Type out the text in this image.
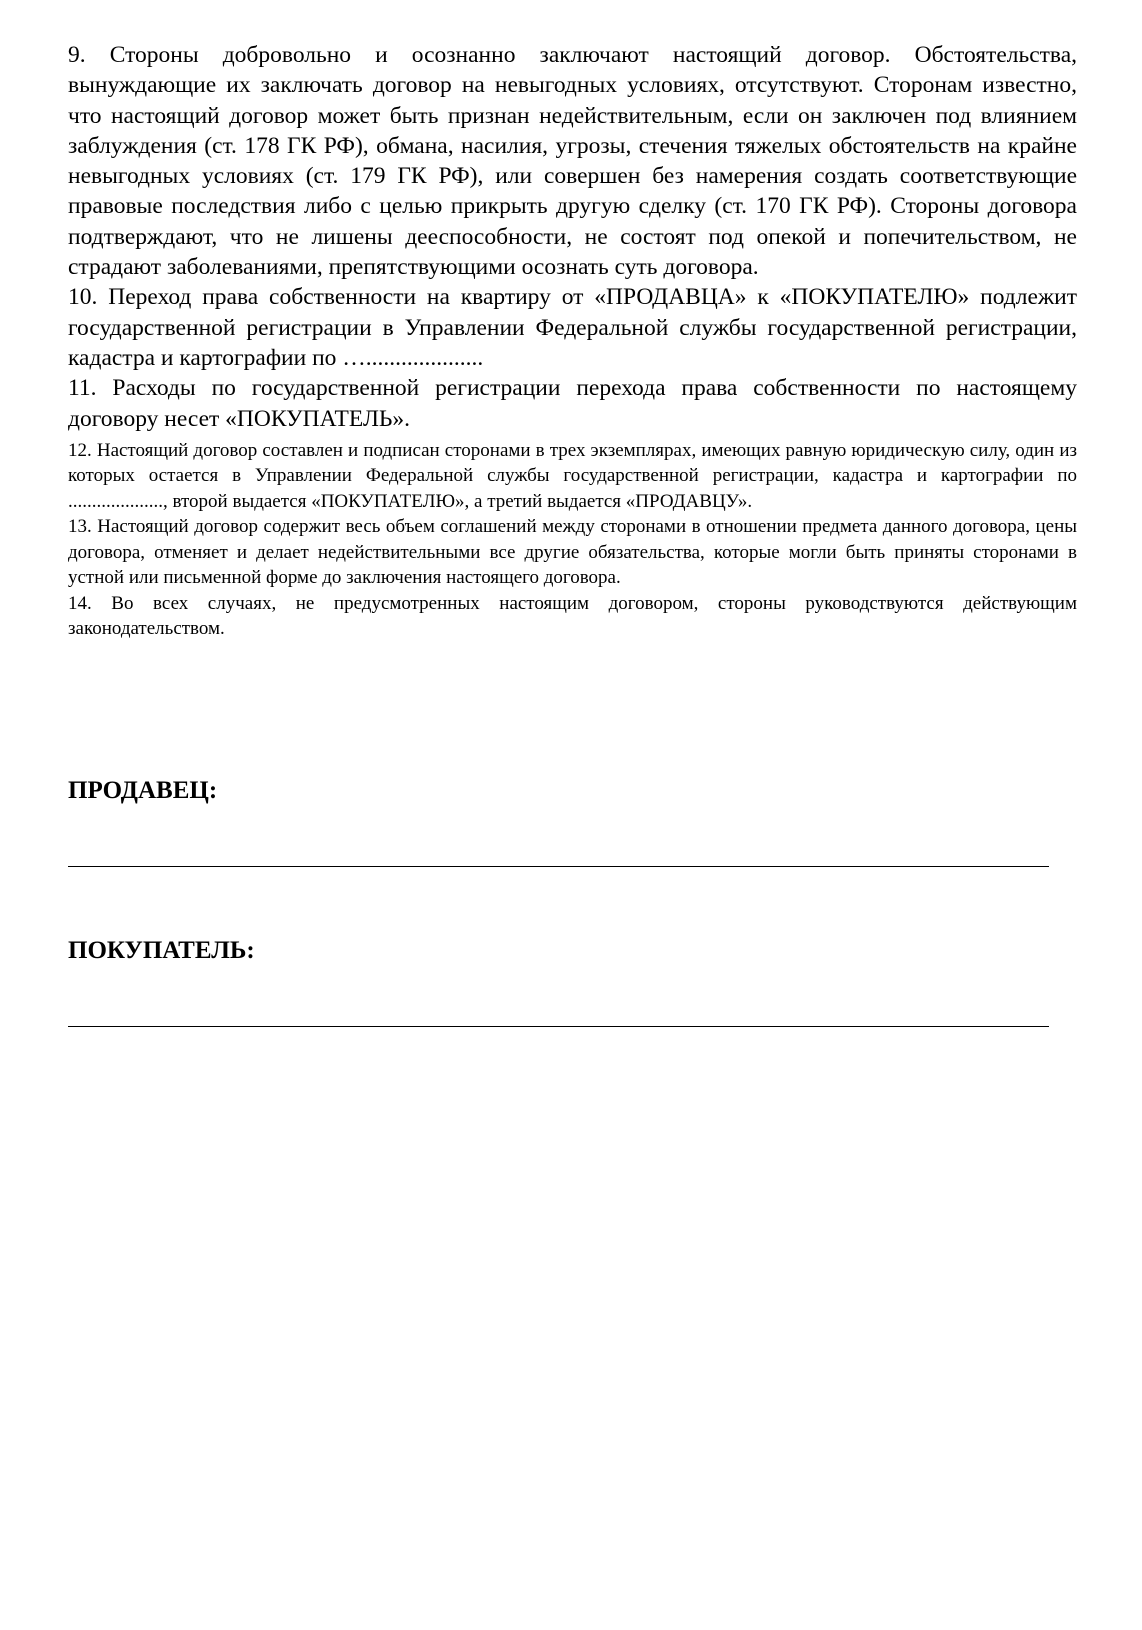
9. Стороны добровольно и осознанно заключают настоящий договор. Обстоятельства, вынуждающие их заключать договор на невыгодных условиях, отсутствуют. Сторонам известно, что настоящий договор может быть признан недействительным, если он заключен под влиянием заблуждения (ст. 178 ГК РФ), обмана, насилия, угрозы, стечения тяжелых обстоятельств на крайне невыгодных условиях (ст. 179 ГК РФ), или совершен без намерения создать соответствующие правовые последствия либо с целью прикрыть другую сделку (ст. 170 ГК РФ). Стороны договора подтверждают, что не лишены дееспособности, не состоят под опекой и попечительством, не страдают заболеваниями, препятствующими осознать суть договора.

10. Переход права собственности на квартиру от «ПРОДАВЦА» к «ПОКУПАТЕЛЮ» подлежит государственной регистрации в Управлении Федеральной службы государственной регистрации, кадастра и картографии по …....................

11. Расходы по государственной регистрации перехода права собственности по настоящему договору несет «ПОКУПАТЕЛЬ».

12. Настоящий договор составлен и подписан сторонами в трех экземплярах, имеющих равную юридическую силу, один из которых остается в Управлении Федеральной службы государственной регистрации, кадастра и картографии по ...................., второй выдается «ПОКУПАТЕЛЮ», а третий выдается «ПРОДАВЦУ».

13. Настоящий договор содержит весь объем соглашений между сторонами в отношении предмета данного договора, цены договора, отменяет и делает недействительными все другие обязательства, которые могли быть приняты сторонами в устной или письменной форме до заключения настоящего договора.

14. Во всех случаях, не предусмотренных настоящим договором, стороны руководствуются действующим законодательством.

ПРОДАВЕЦ:

ПОКУПАТЕЛЬ:
